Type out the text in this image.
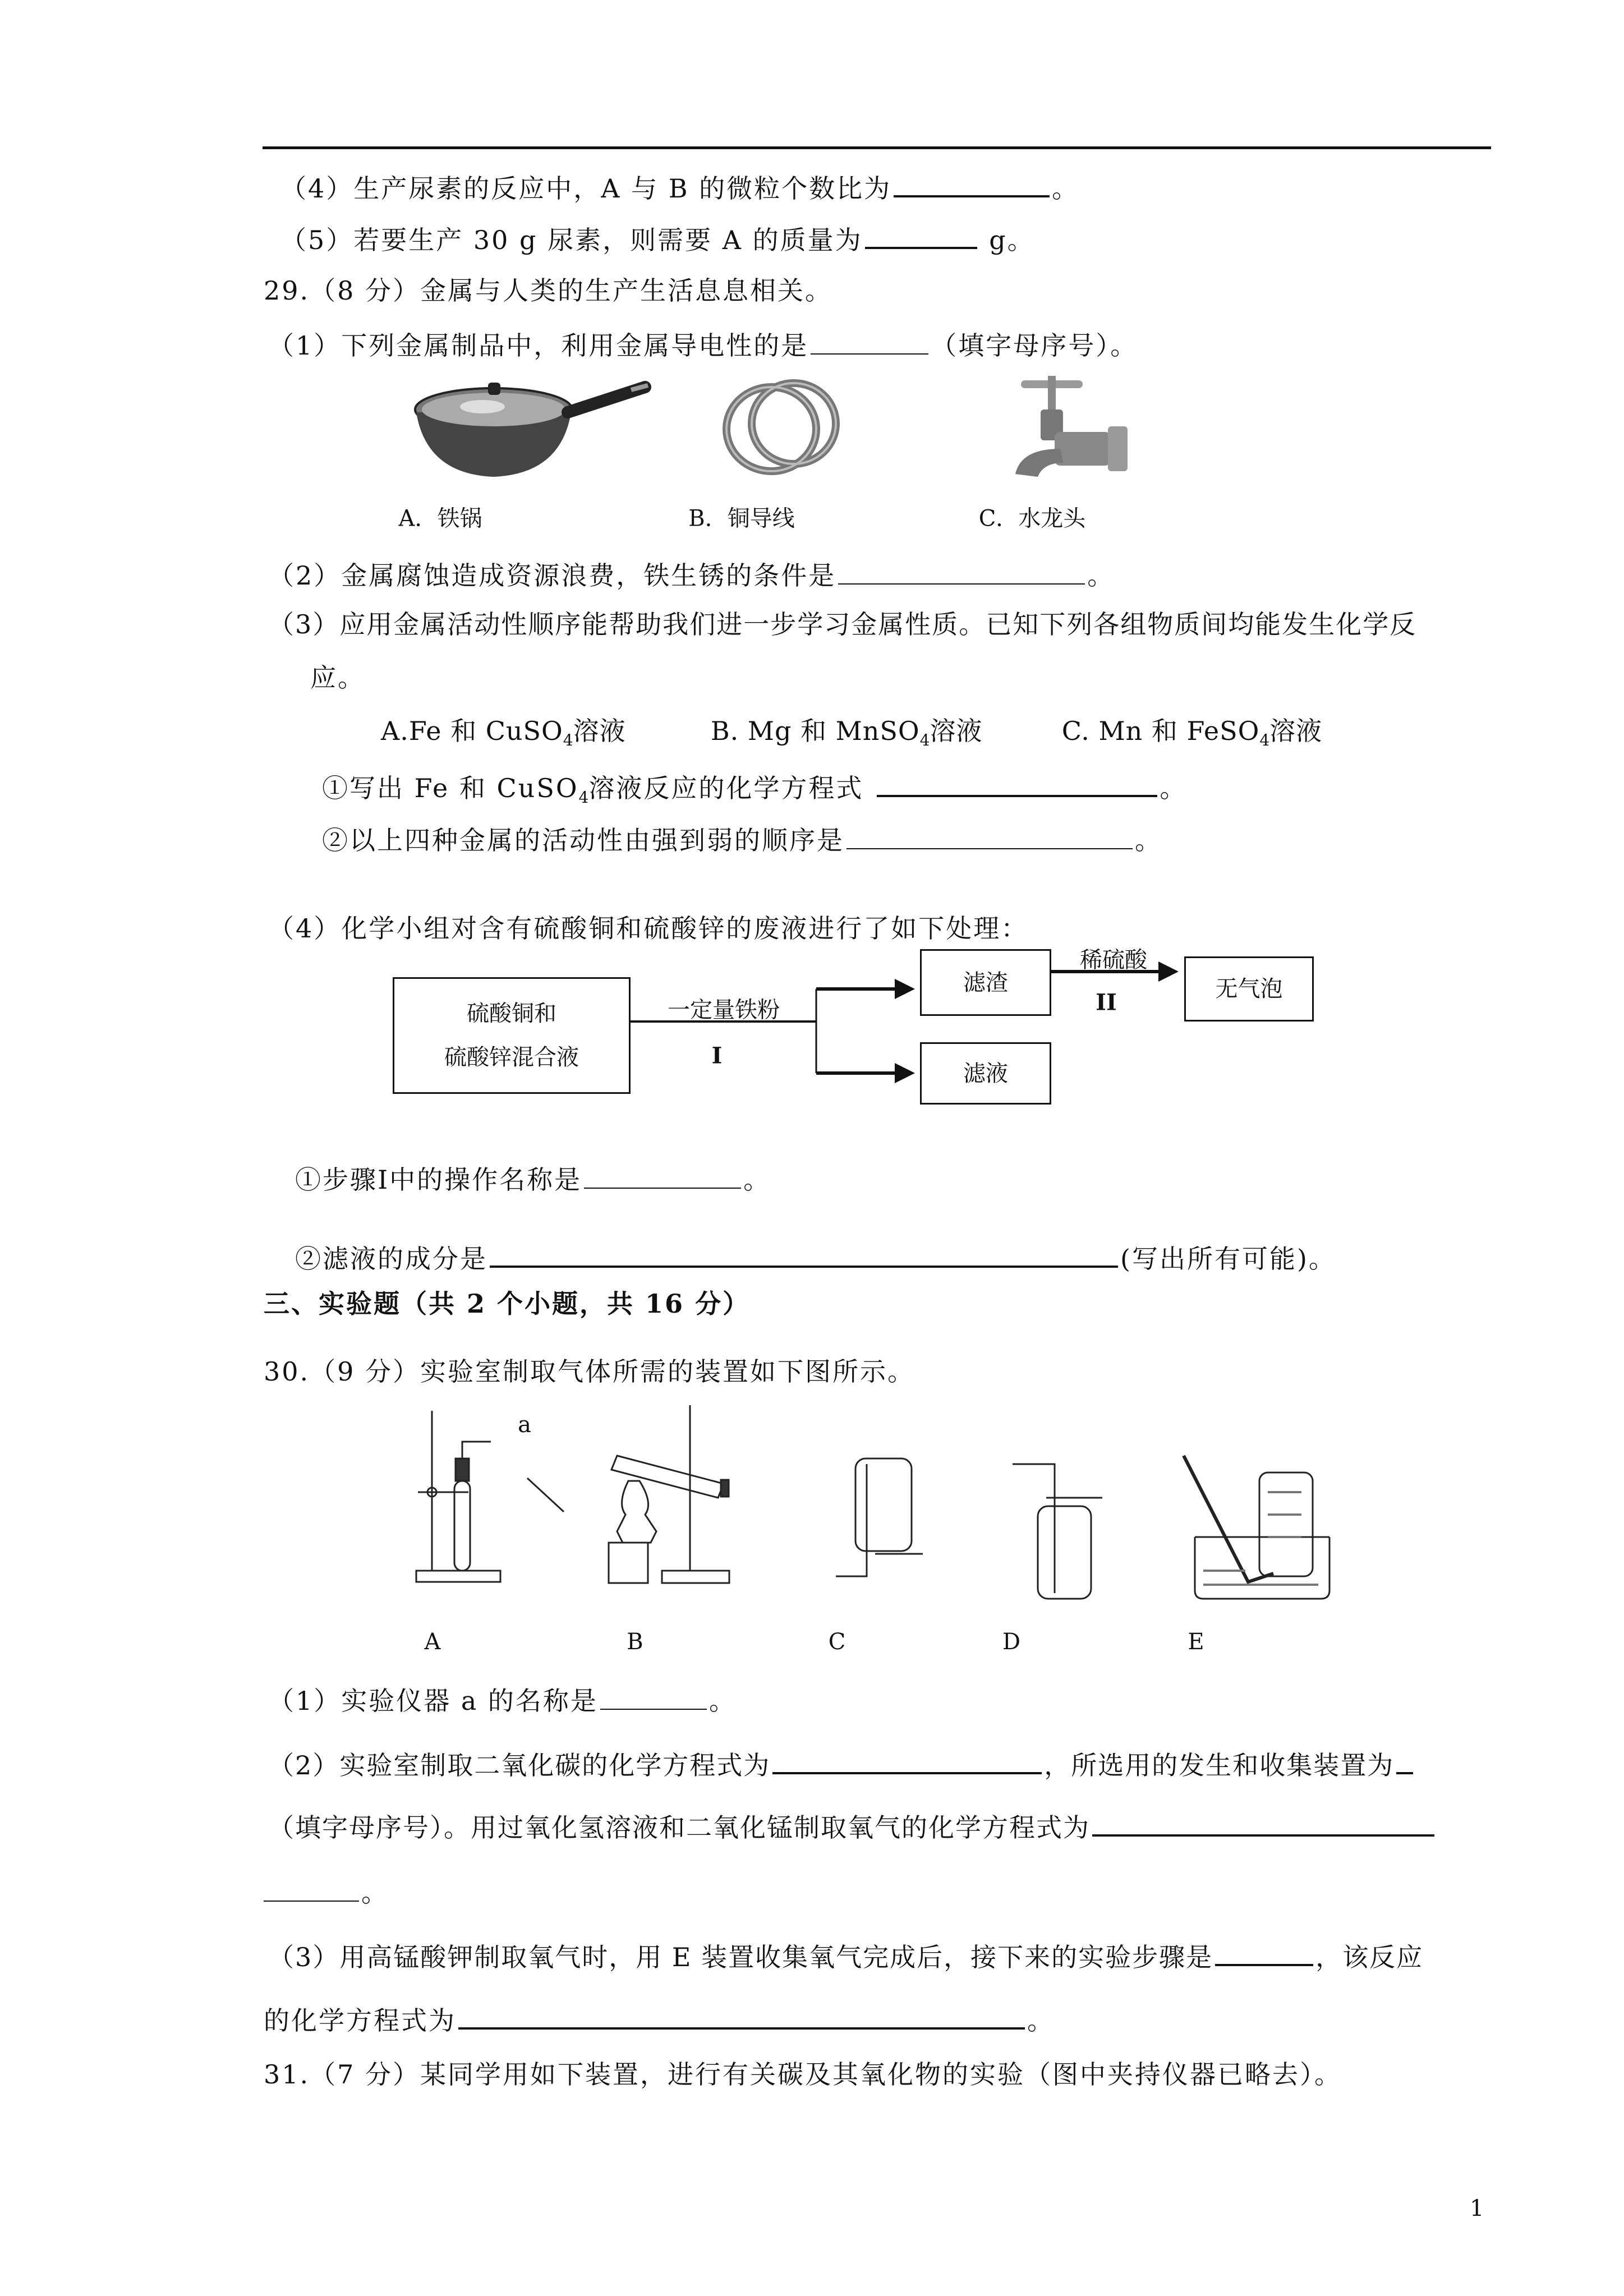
（4）生产尿素的反应中，A 与 B 的微粒个数比为	。
（5）若要生产 30 g 尿素，则需要 A 的质量为	g。
29.（8 分）金属与人类的生产生活息息相关。
（1）下列金属制品中，利用金属导电性的是	（填字母序号）。
A．铁锅	B．铜导线	C．水龙头
（2）金属腐蚀造成资源浪费，铁生锈的条件是	。
（3）应用金属活动性顺序能帮助我们进一步学习金属性质。已知下列各组物质间均能发生化学反
应。
A.Fe 和 CuSO$_4$溶液	B. Mg 和 MnSO$_4$溶液	C. Mn 和 FeSO$_4$溶液
①写出 Fe 和 CuSO$_4$溶液反应的化学方程式	。
②以上四种金属的活动性由强到弱的顺序是	。
（4）化学小组对含有硫酸铜和硫酸锌的废液进行了如下处理：
硫酸铜和
硫酸锌混合液
滤渣
滤液
无气泡
一定量铁粉
I
稀硫酸
II
①步骤Ⅰ中的操作名称是	。
②滤液的成分是	(写出所有可能)。
三、实验题（共 2 个小题，共 16 分）
30.（9 分）实验室制取气体所需的装置如下图所示。
a
A	B	C	D	E
（1）实验仪器 a 的名称是	。
（2）实验室制取二氧化碳的化学方程式为	，所选用的发生和收集装置为
（填字母序号）。用过氧化氢溶液和二氧化锰制取氧气的化学方程式为
。
（3）用高锰酸钾制取氧气时，用 E 装置收集氧气完成后，接下来的实验步骤是	，该反应
的化学方程式为	。
31.（7 分）某同学用如下装置，进行有关碳及其氧化物的实验（图中夹持仪器已略去）。
1
